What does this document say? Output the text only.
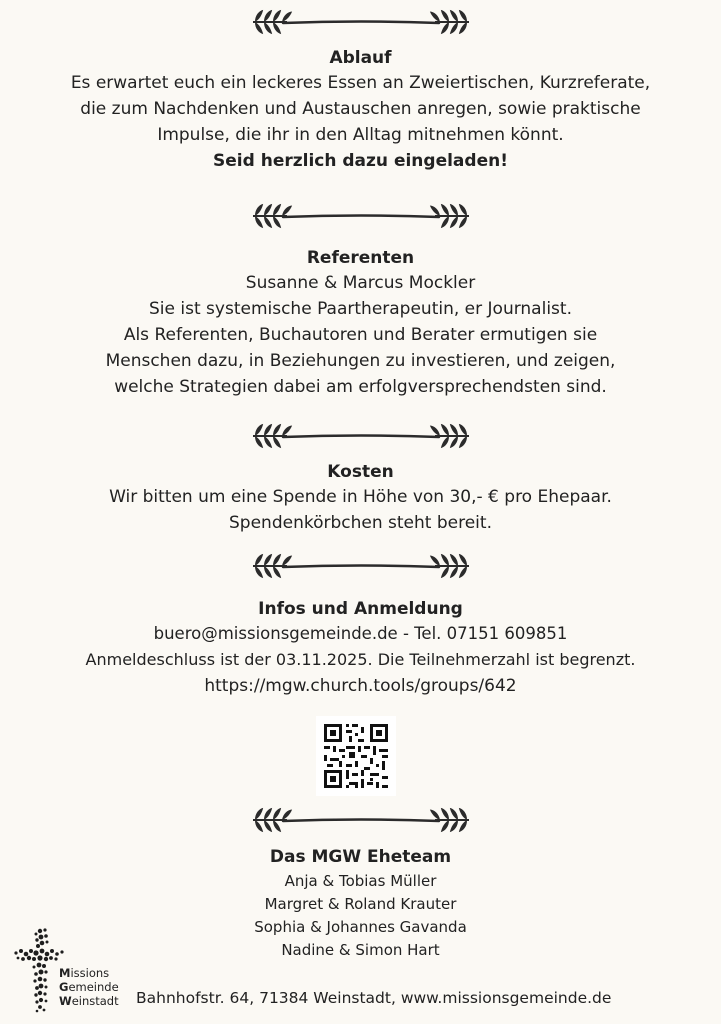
Ablauf

Es erwartet euch ein leckeres Essen an Zweiertischen, Kurzreferate,

die zum Nachdenken und Austauschen anregen, sowie praktische

Impulse, die ihr in den Alltag mitnehmen könnt.

Seid herzlich dazu eingeladen!

Referenten

Susanne & Marcus Mockler

Sie ist systemische Paartherapeutin, er Journalist.

Als Referenten, Buchautoren und Berater ermutigen sie

Menschen dazu, in Beziehungen zu investieren, und zeigen,

welche Strategien dabei am erfolgversprechendsten sind.

Kosten

Wir bitten um eine Spende in Höhe von 30,- € pro Ehepaar.

Spendenkörbchen steht bereit.

Infos und Anmeldung

buero@missionsgemeinde.de - Tel. 07151 609851

Anmeldeschluss ist der 03.11.2025. Die Teilnehmerzahl ist begrenzt.

https://mgw.church.tools/groups/642

Das MGW Eheteam

Anja & Tobias Müller

Margret & Roland Krauter

Sophia & Johannes Gavanda

Nadine & Simon Hart

Missions
Gemeinde
Weinstadt Bahnhofstr. 64, 71384 Weinstadt, www.missionsgemeinde.de
